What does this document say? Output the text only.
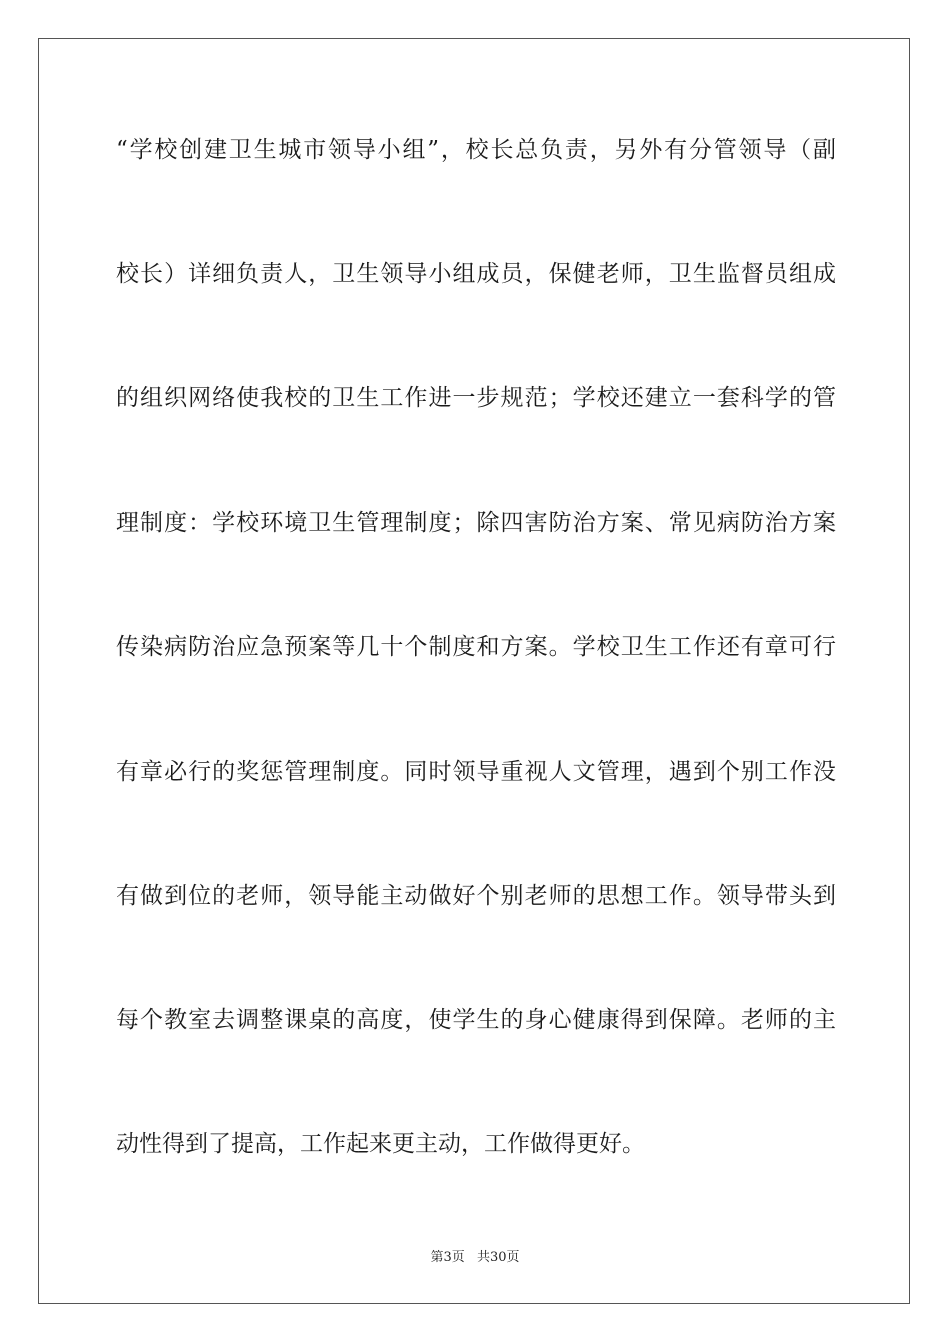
“学校创建卫生城市领导小组”，校长总负责，另外有分管领导（副
校长）详细负责人，卫生领导小组成员，保健老师，卫生监督员组成
的组织网络使我校的卫生工作进一步规范；学校还建立一套科学的管
理制度：学校环境卫生管理制度；除四害防治方案、常见病防治方案
传染病防治应急预案等几十个制度和方案。学校卫生工作还有章可行
有章必行的奖惩管理制度。同时领导重视人文管理，遇到个别工作没
有做到位的老师，领导能主动做好个别老师的思想工作。领导带头到
每个教室去调整课桌的高度，使学生的身心健康得到保障。老师的主
动性得到了提高，工作起来更主动，工作做得更好。
第3页 共30页
